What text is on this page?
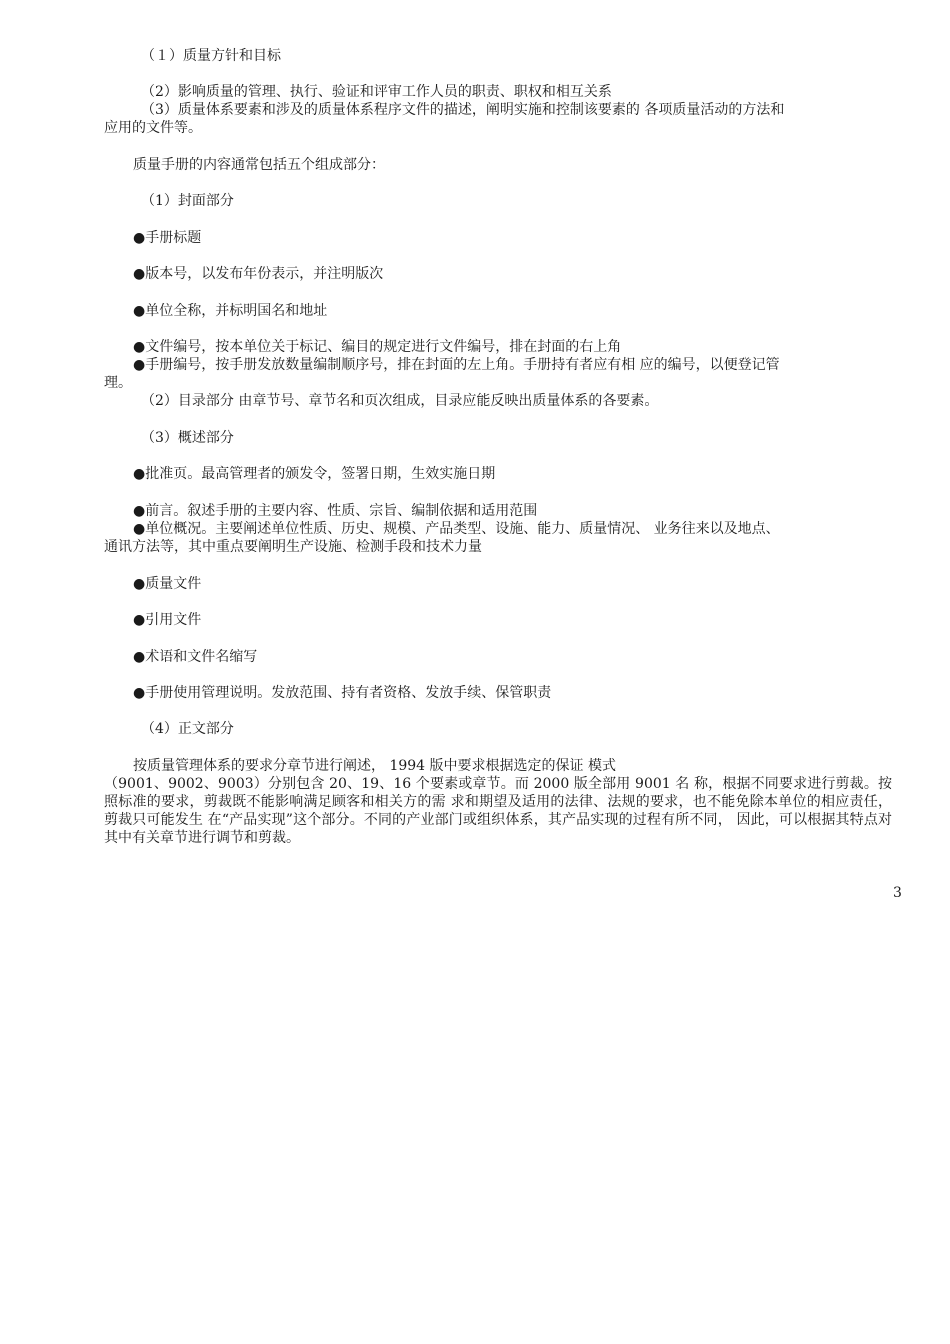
（１）质量方针和目标
（2）影响质量的管理、执行、验证和评审工作人员的职责、职权和相互关系
（3）质量体系要素和涉及的质量体系程序文件的描述，阐明实施和控制该要素的 各项质量活动的方法和
应用的文件等。
质量手册的内容通常包括五个组成部分：
（1）封面部分
●手册标题
●版本号，以发布年份表示，并注明版次
●单位全称，并标明国名和地址
●文件编号，按本单位关于标记、编目的规定进行文件编号，排在封面的右上角
●手册编号，按手册发放数量编制顺序号，排在封面的左上角。手册持有者应有相 应的编号，以便登记管
理。
（2）目录部分 由章节号、章节名和页次组成，目录应能反映出质量体系的各要素。
（3）概述部分
●批准页。最高管理者的颁发令，签署日期，生效实施日期
●前言。叙述手册的主要内容、性质、宗旨、编制依据和适用范围
●单位概况。主要阐述单位性质、历史、规模、产品类型、设施、能力、质量情况、 业务往来以及地点、
通讯方法等，其中重点要阐明生产设施、检测手段和技术力量
●质量文件
●引用文件
●术语和文件名缩写
●手册使用管理说明。发放范围、持有者资格、发放手续、保管职责
（4）正文部分
按质量管理体系的要求分章节进行阐述， 1994 版中要求根据选定的保证 模式
（9001、9002、9003）分别包含 20、19、16 个要素或章节。而 2000 版全部用 9001 名 称，根据不同要求进行剪裁。按照标准的要求，剪裁既不能影响满足顾客和相关方的需 求和期望及适用的法律、法规的要求，也不能免除本单位的相应责任，剪裁只可能发生 在“产品实现”这个部分。不同的产业部门或组织体系，其产品实现的过程有所不同， 因此，可以根据其特点对其中有关章节进行调节和剪裁。
3
